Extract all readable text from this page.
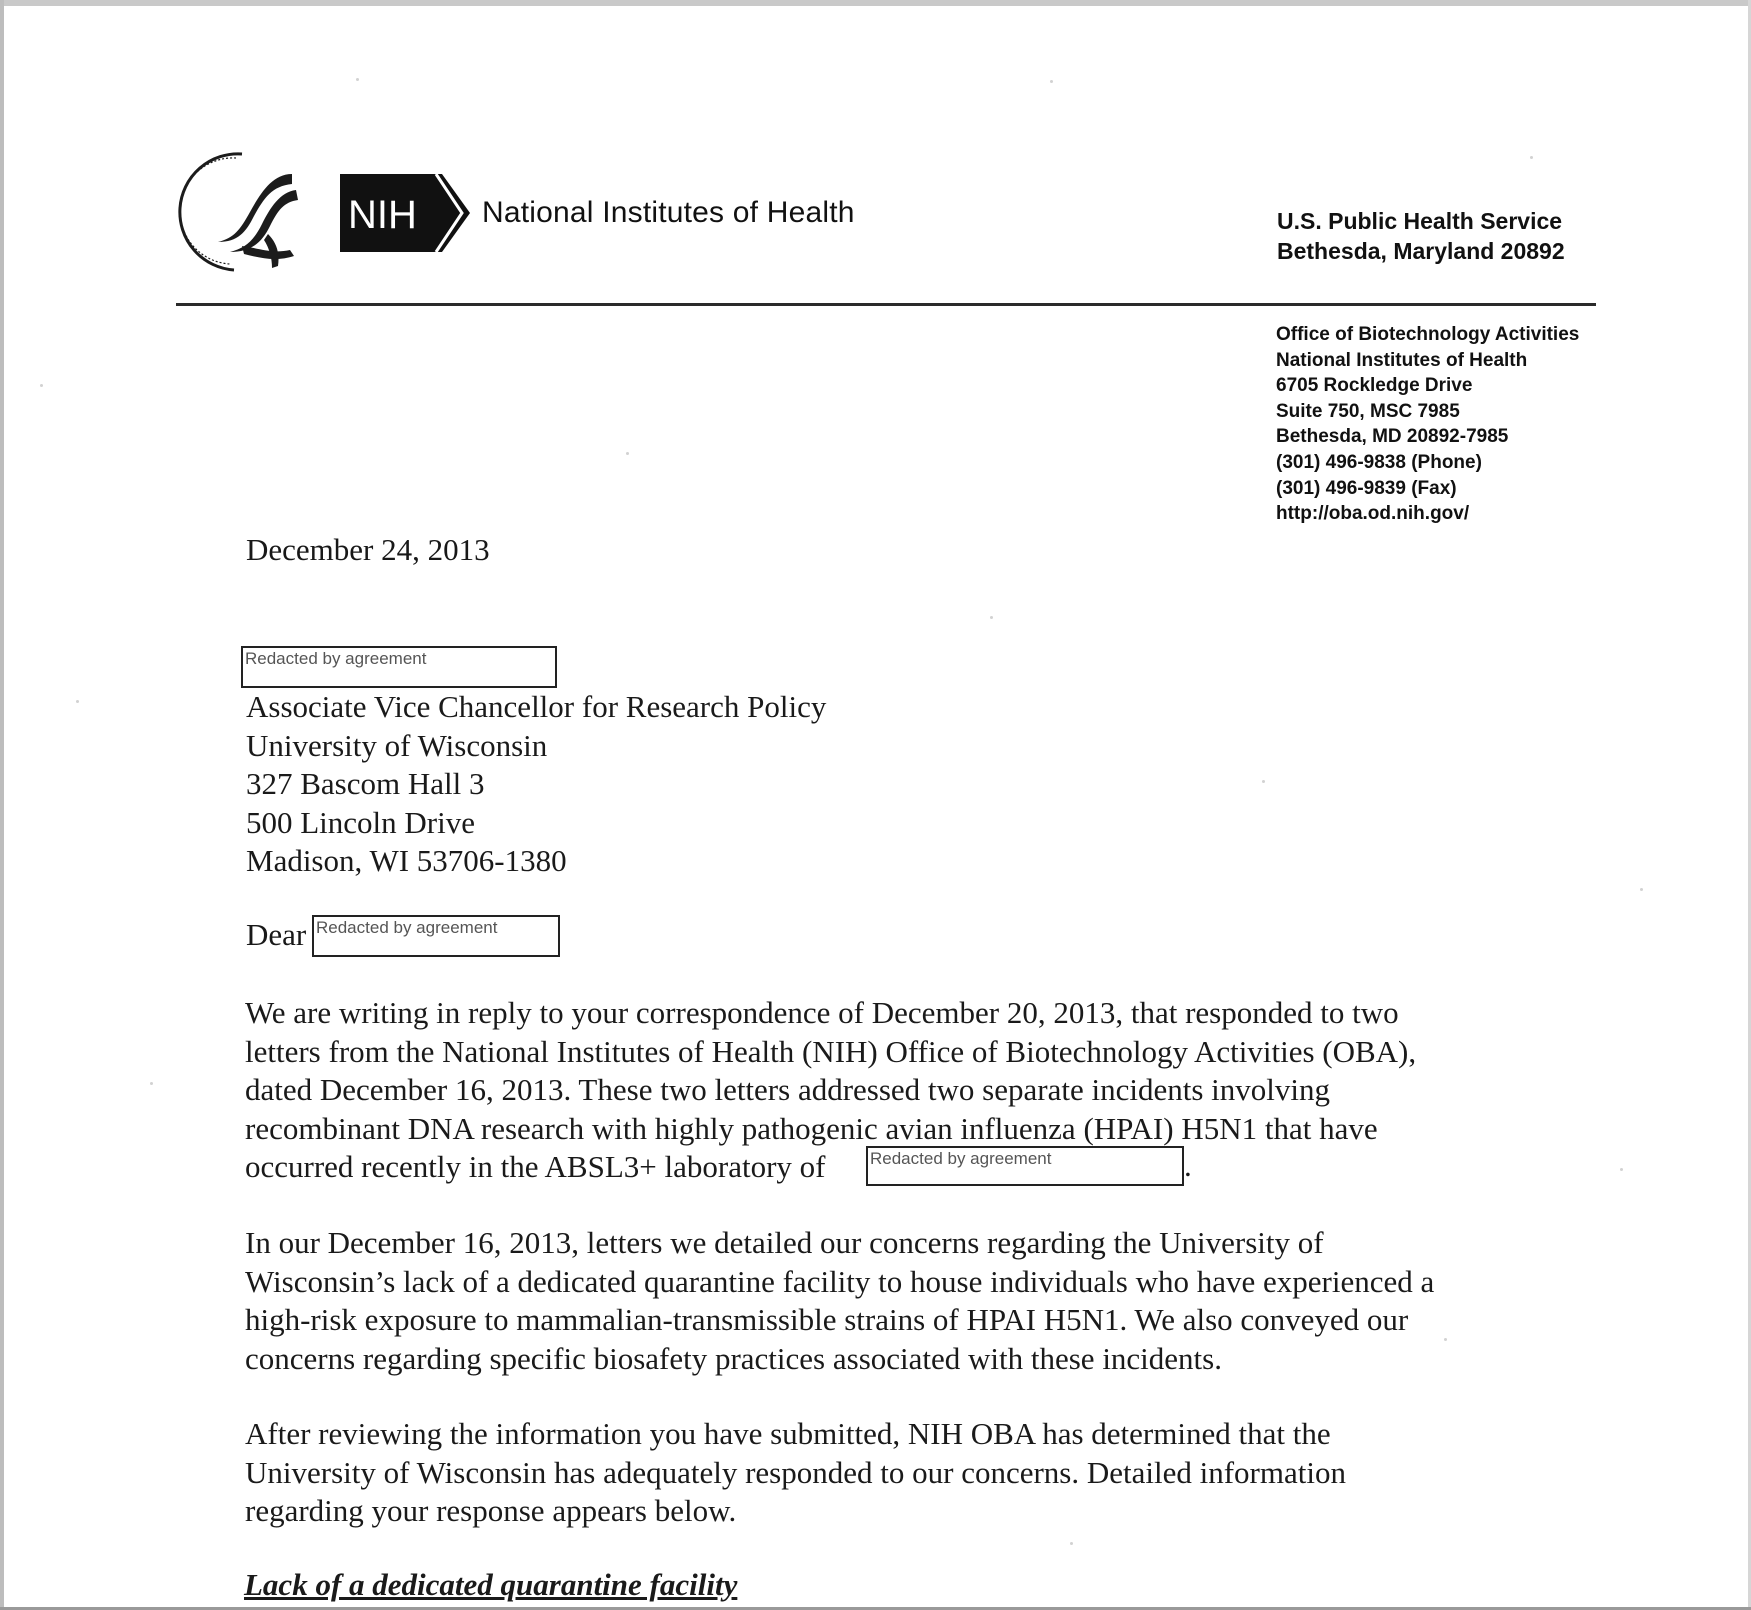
NIH National Institutes of Health	U.S. Public Health Service
Bethesda, Maryland 20892
Office of Biotechnology Activities
National Institutes of Health
6705 Rockledge Drive
Suite 750, MSC 7985
Bethesda, MD 20892-7985
(301) 496-9838 (Phone)
(301) 496-9839 (Fax)
http://oba.od.nih.gov/
December 24, 2013
Redacted by agreement
Associate Vice Chancellor for Research Policy
University of Wisconsin
327 Bascom Hall 3
500 Lincoln Drive
Madison, WI 53706-1380
Dear Redacted by agreement
We are writing in reply to your correspondence of December 20, 2013, that responded to two
letters from the National Institutes of Health (NIH) Office of Biotechnology Activities (OBA),
dated December 16, 2013. These two letters addressed two separate incidents involving
recombinant DNA research with highly pathogenic avian influenza (HPAI) H5N1 that have
occurred recently in the ABSL3+ laboratory of	Redacted by agreement	.
In our December 16, 2013, letters we detailed our concerns regarding the University of
Wisconsin’s lack of a dedicated quarantine facility to house individuals who have experienced a
high-risk exposure to mammalian-transmissible strains of HPAI H5N1. We also conveyed our
concerns regarding specific biosafety practices associated with these incidents.
After reviewing the information you have submitted, NIH OBA has determined that the
University of Wisconsin has adequately responded to our concerns. Detailed information
regarding your response appears below.
Lack of a dedicated quarantine facility
